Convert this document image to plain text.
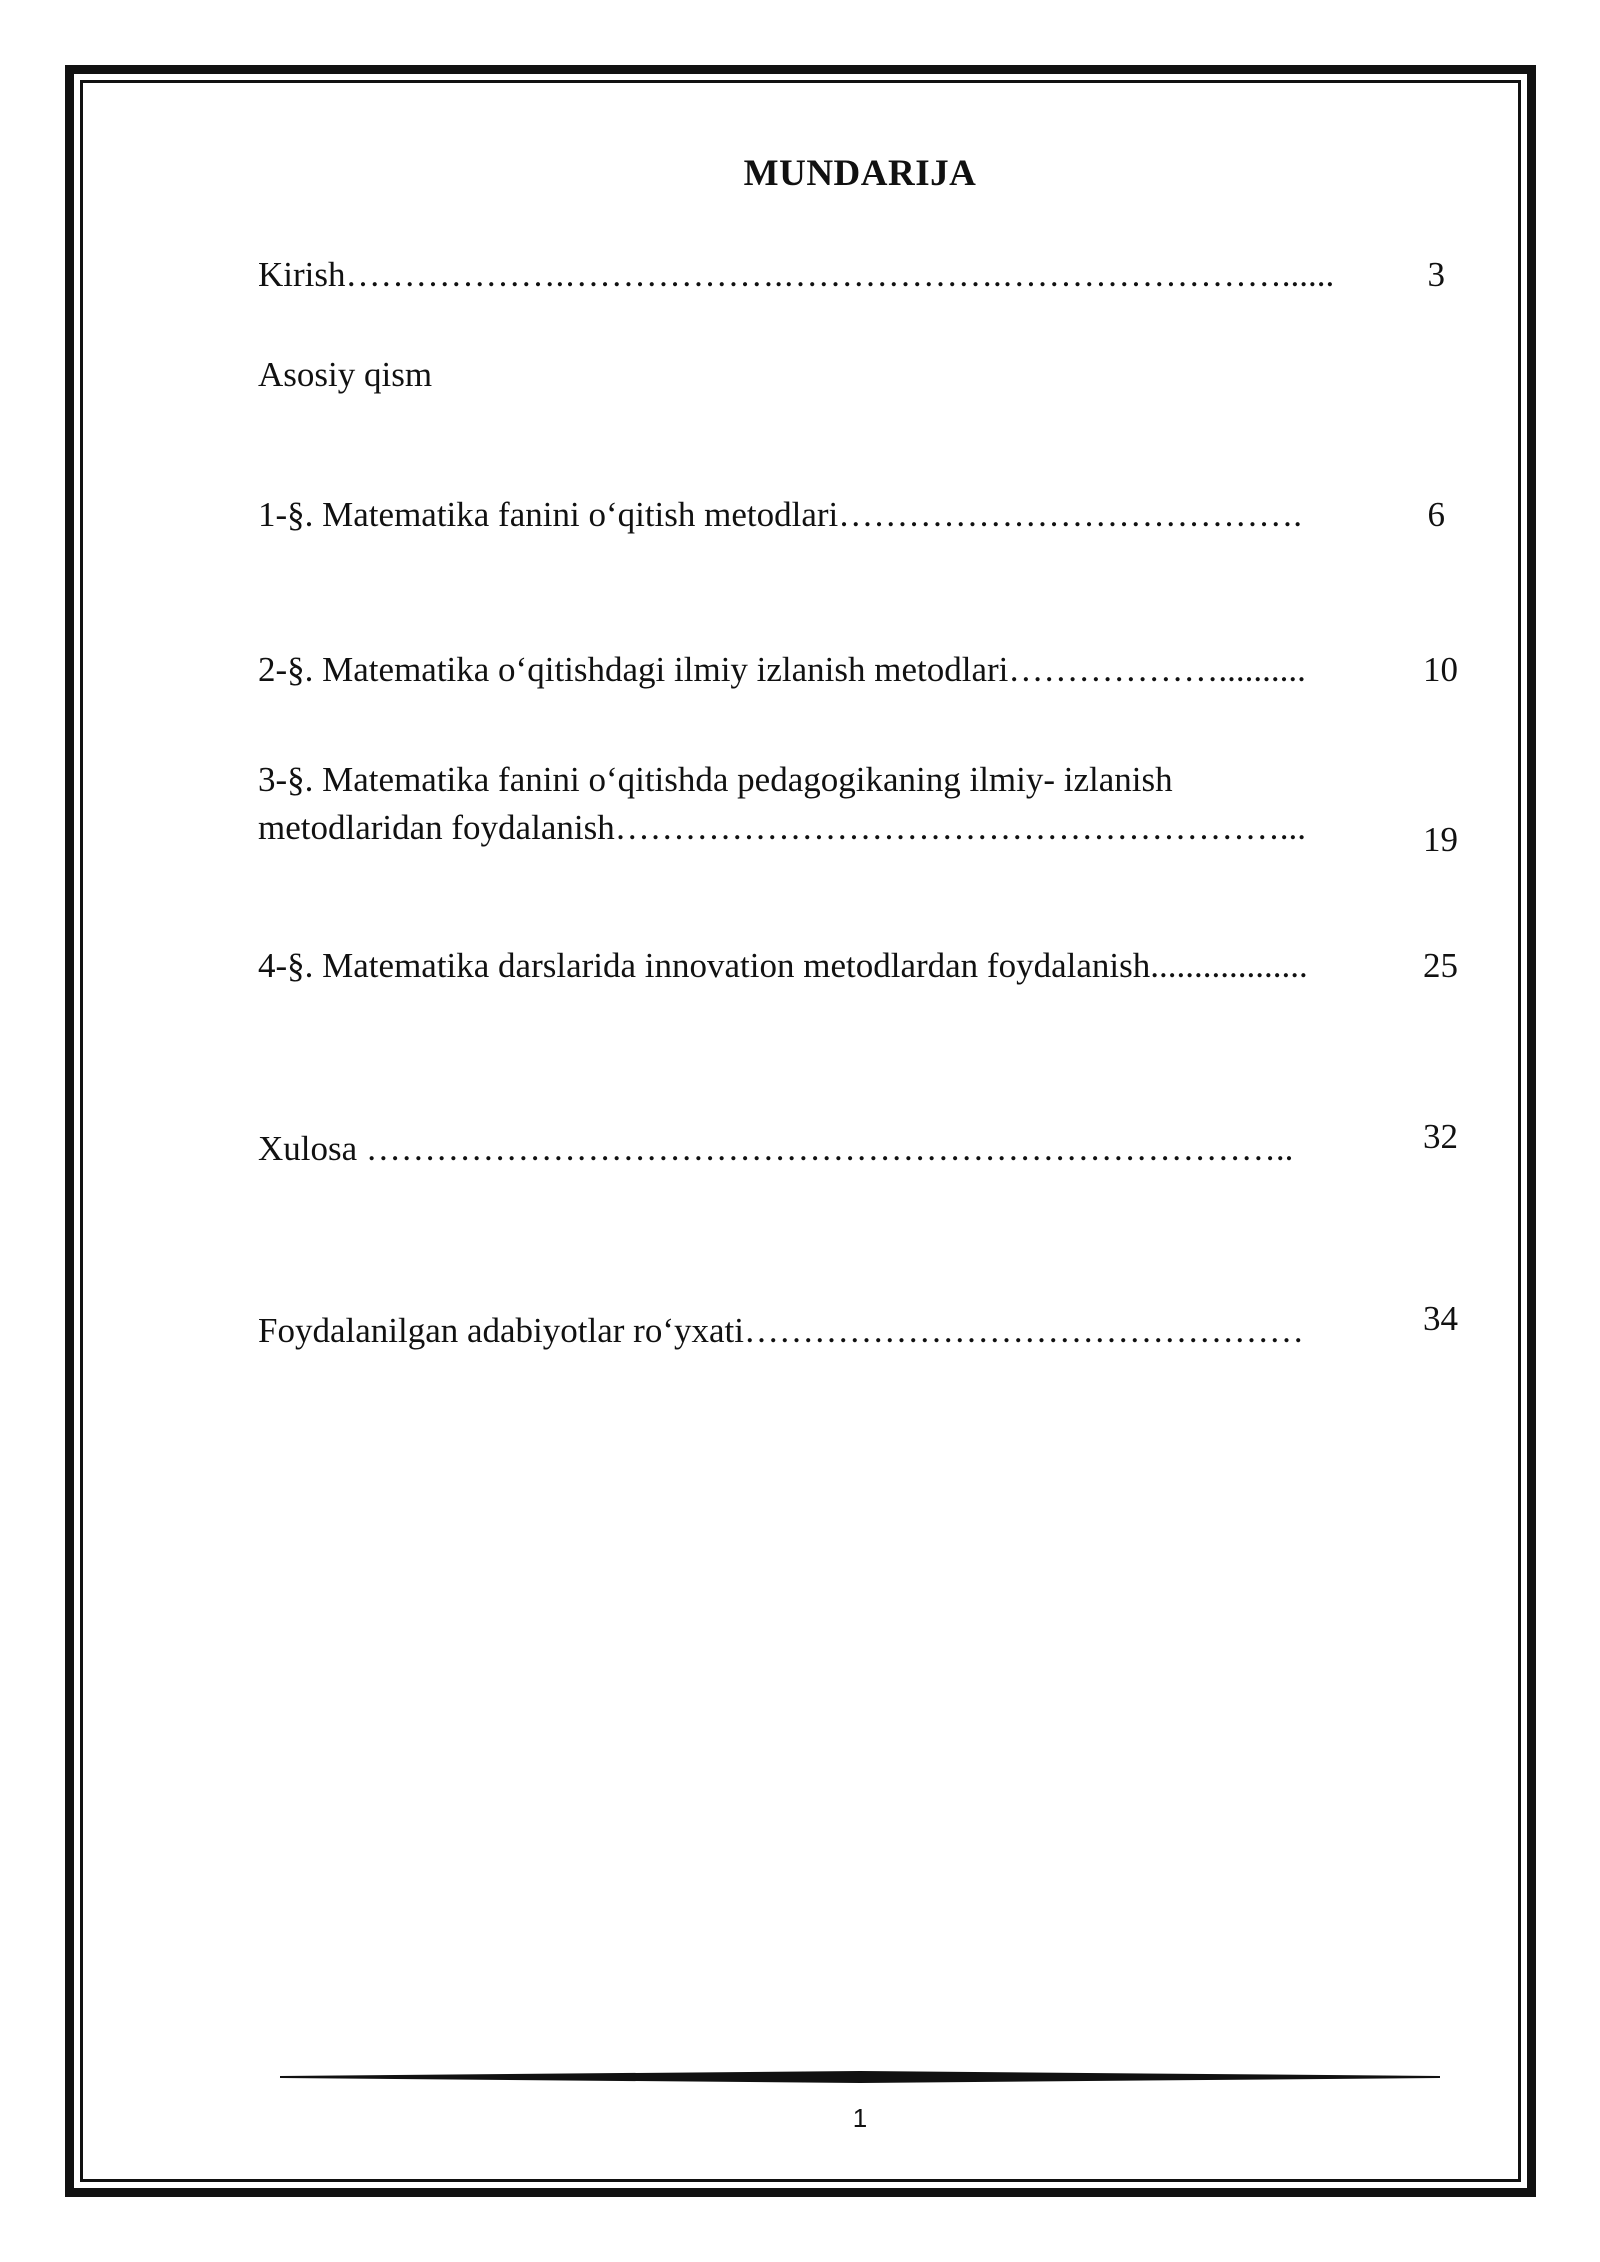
MUNDARIJA
Kirish……………….……………….……………….……………………......	3
Asosiy qism
1-§. Matematika fanini o‘qitish metodlari………………………………….	6
2-§. Matematika o‘qitishdagi ilmiy izlanish metodlari………………..........	10
3-§. Matematika fanini o‘qitishda pedagogikaning ilmiy- izlanish
metodlaridan foydalanish…………………………………………………...	19
4-§. Matematika darslarida innovation metodlardan foydalanish..................	25
Xulosa ……………………………………………………………………..	32
Foydalanilgan adabiyotlar ro‘yxati…………………………………………	34
1
